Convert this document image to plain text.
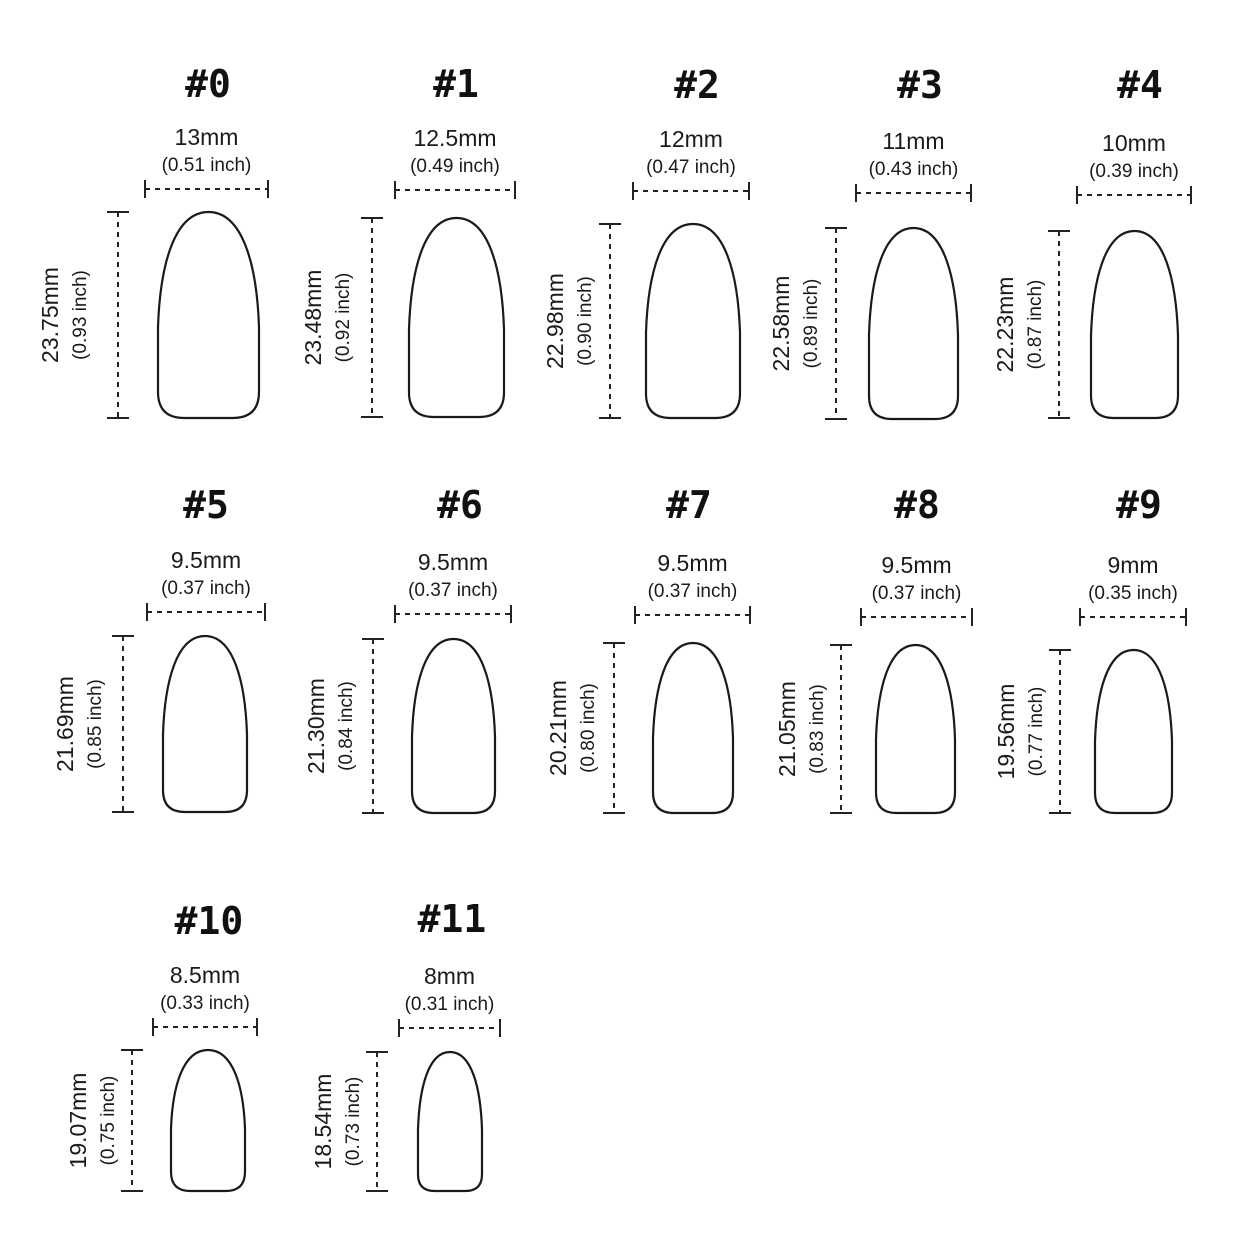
#0
13mm
(0.51 inch)
23.75mm (0.93 inch)
#1
12.5mm
(0.49 inch)
23.48mm (0.92 inch)
#2
12mm
(0.47 inch)
22.98mm (0.90 inch)
#3
11mm
(0.43 inch)
22.58mm (0.89 inch)
#4
10mm
(0.39 inch)
22.23mm (0.87 inch)
#5
9.5mm
(0.37 inch)
21.69mm (0.85 inch)
#6
9.5mm
(0.37 inch)
21.30mm (0.84 inch)
#7
9.5mm
(0.37 inch)
20.21mm (0.80 inch)
#8
9.5mm
(0.37 inch)
21.05mm (0.83 inch)
#9
9mm
(0.35 inch)
19.56mm (0.77 inch)
#10
8.5mm
(0.33 inch)
19.07mm (0.75 inch)
#11
8mm
(0.31 inch)
18.54mm (0.73 inch)
